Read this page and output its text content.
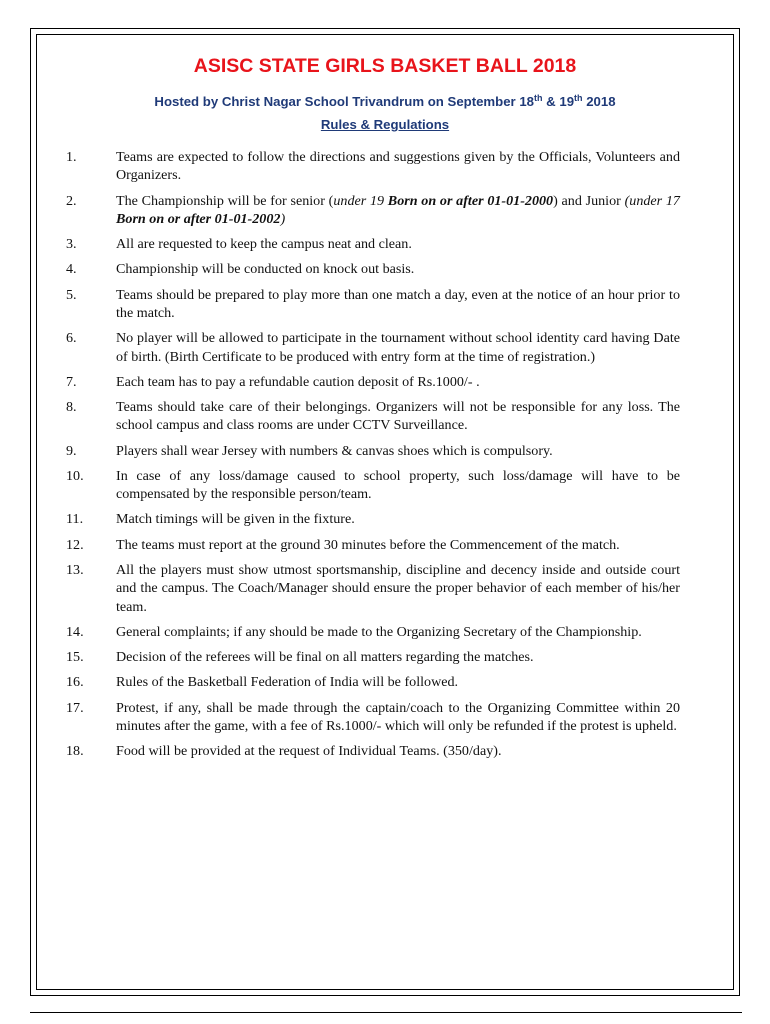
ASISC STATE GIRLS BASKET BALL 2018
Hosted by Christ Nagar School Trivandrum on September 18th & 19th 2018
Rules & Regulations
1.	Teams are expected to follow the directions and suggestions given by the Officials, Volunteers and Organizers.
2.	The Championship will be for senior (under 19 Born on or after 01-01-2000) and Junior (under 17 Born on or after 01-01-2002)
3.	All are requested to keep the campus neat and clean.
4.	Championship will be conducted on knock out basis.
5.	Teams should be prepared to play more than one match a day, even at the notice of an hour prior to the match.
6.	No player will be allowed to participate in the tournament without school identity card having Date of birth. (Birth Certificate to be produced with entry form at the time of registration.)
7.	Each team has to pay a refundable caution deposit of Rs.1000/- .
8.	Teams should take care of their belongings. Organizers will not be responsible for any loss. The school campus and class rooms are under CCTV Surveillance.
9.	Players shall wear Jersey with numbers & canvas shoes which is compulsory.
10.	In case of any loss/damage caused to school property, such loss/damage will have to be compensated by the responsible person/team.
11.	Match timings will be given in the fixture.
12.	The teams must report at the ground 30 minutes before the Commencement of the match.
13.	All the players must show utmost sportsmanship, discipline and decency inside and outside court and the campus. The Coach/Manager should ensure the proper behavior of each member of his/her team.
14.	General complaints; if any should be made to the Organizing Secretary of the Championship.
15.	Decision of the referees will be final on all matters regarding the matches.
16.	Rules of the Basketball Federation of India will be followed.
17.	Protest, if any, shall be made through the captain/coach to the Organizing Committee within 20 minutes after the game, with a fee of Rs.1000/- which will only be refunded if the protest is upheld.
18.	Food will be provided at the request of Individual Teams. (350/day).
